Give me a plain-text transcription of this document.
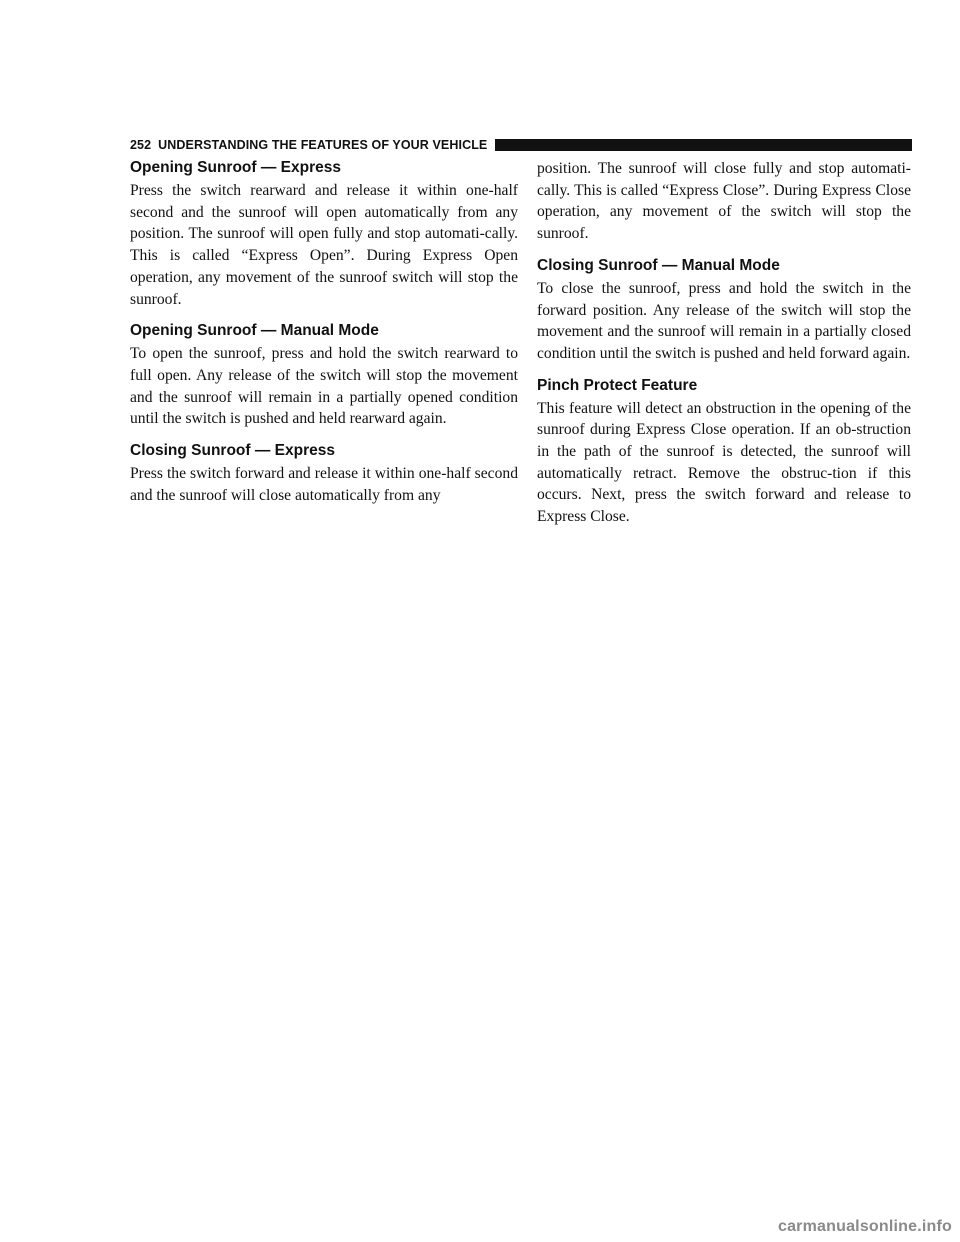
252 UNDERSTANDING THE FEATURES OF YOUR VEHICLE
Opening Sunroof — Express

Press the switch rearward and release it within one-half second and the sunroof will open automatically from any position. The sunroof will open fully and stop automati-cally. This is called “Express Open”. During Express Open operation, any movement of the sunroof switch will stop the sunroof.

Opening Sunroof — Manual Mode

To open the sunroof, press and hold the switch rearward to full open. Any release of the switch will stop the movement and the sunroof will remain in a partially opened condition until the switch is pushed and held rearward again.

Closing Sunroof — Express

Press the switch forward and release it within one-half second and the sunroof will close automatically from any

position. The sunroof will close fully and stop automati-cally. This is called “Express Close”. During Express Close operation, any movement of the switch will stop the sunroof.

Closing Sunroof — Manual Mode

To close the sunroof, press and hold the switch in the forward position. Any release of the switch will stop the movement and the sunroof will remain in a partially closed condition until the switch is pushed and held forward again.

Pinch Protect Feature

This feature will detect an obstruction in the opening of the sunroof during Express Close operation. If an ob-struction in the path of the sunroof is detected, the sunroof will automatically retract. Remove the obstruc-tion if this occurs. Next, press the switch forward and release to Express Close.

carmanualsonline.info
